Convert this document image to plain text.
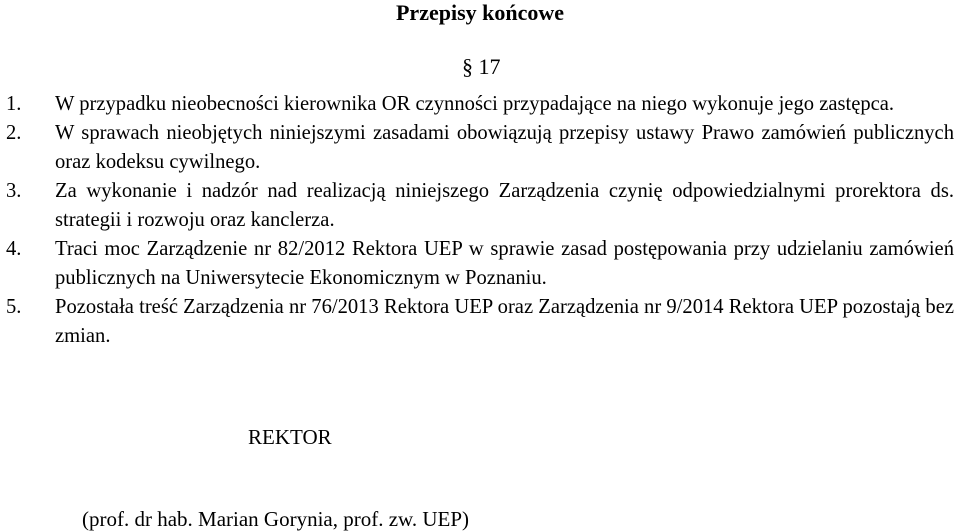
Przepisy końcowe
§ 17
1. W przypadku nieobecności kierownika OR czynności przypadające na niego wykonuje jego zastępca.
2. W sprawach nieobjętych niniejszymi zasadami obowiązują przepisy ustawy Prawo zamówień publicznych oraz kodeksu cywilnego.
3. Za wykonanie i nadzór nad realizacją niniejszego Zarządzenia czynię odpowiedzialnymi prorektora ds. strategii i rozwoju oraz kanclerza.
4. Traci moc Zarządzenie nr 82/2012 Rektora UEP w sprawie zasad postępowania przy udzielaniu zamówień publicznych na Uniwersytecie Ekonomicznym w Poznaniu.
5. Pozostała treść Zarządzenia nr 76/2013 Rektora UEP oraz Zarządzenia nr 9/2014 Rektora UEP pozostają bez zmian.
REKTOR
(prof. dr hab. Marian Gorynia, prof. zw. UEP)
